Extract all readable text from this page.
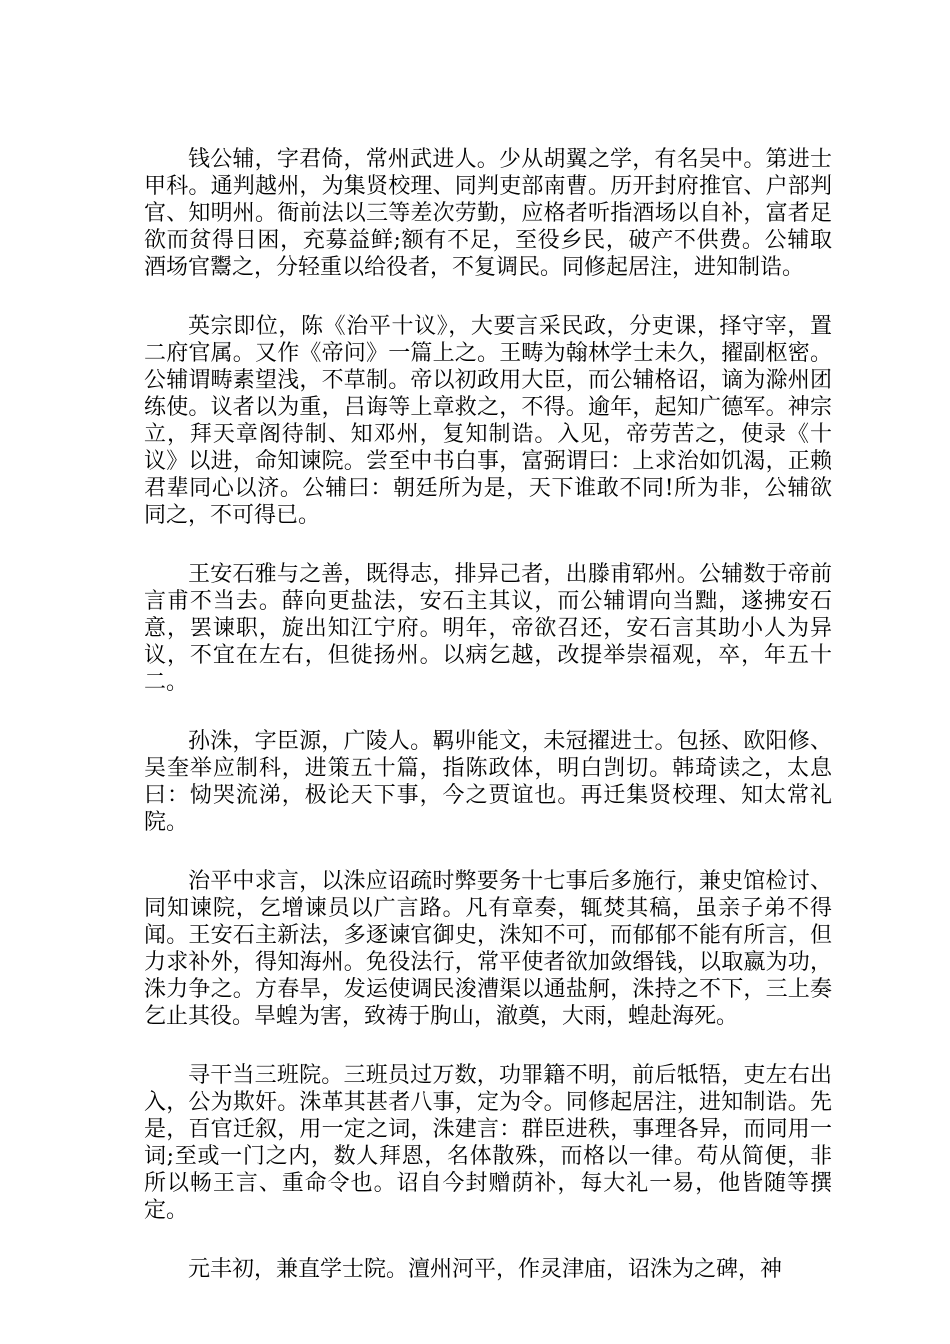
钱公辅，字君倚，常州武进人。少从胡翼之学，有名吴中。第进士甲科。通判越州，为集贤校理、同判吏部南曹。历开封府推官、户部判官、知明州。衙前法以三等差次劳勤，应格者听指酒场以自补，富者足欲而贫得日困，充募益鲜;额有不足，至役乡民，破产不供费。公辅取酒场官鬻之，分轻重以给役者，不复调民。同修起居注，进知制诰。

英宗即位，陈《治平十议》，大要言采民政，分吏课，择守宰，置二府官属。又作《帝问》一篇上之。王畴为翰林学士未久，擢副枢密。公辅谓畴素望浅，不草制。帝以初政用大臣，而公辅格诏，谪为滁州团练使。议者以为重，吕诲等上章救之，不得。逾年，起知广德军。神宗立，拜天章阁待制、知邓州，复知制诰。入见，帝劳苦之，使录《十议》以进，命知谏院。尝至中书白事，富弼谓曰：上求治如饥渴，正赖君辈同心以济。公辅曰：朝廷所为是，天下谁敢不同!所为非，公辅欲同之，不可得已。

王安石雅与之善，既得志，排异己者，出滕甫郓州。公辅数于帝前言甫不当去。薛向更盐法，安石主其议，而公辅谓向当黜，遂拂安石意，罢谏职，旋出知江宁府。明年，帝欲召还，安石言其助小人为异议，不宜在左右，但徙扬州。以病乞越，改提举崇福观，卒，年五十二。

孙洙，字臣源，广陵人。羁丱能文，未冠擢进士。包拯、欧阳修、吴奎举应制科，进策五十篇，指陈政体，明白剀切。韩琦读之，太息曰：恸哭流涕，极论天下事，今之贾谊也。再迁集贤校理、知太常礼院。

治平中求言，以洙应诏疏时弊要务十七事后多施行，兼史馆检讨、同知谏院，乞增谏员以广言路。凡有章奏，辄焚其稿，虽亲子弟不得闻。王安石主新法，多逐谏官御史，洙知不可，而郁郁不能有所言，但力求补外，得知海州。免役法行，常平使者欲加敛缗钱，以取嬴为功，洙力争之。方春旱，发运使调民浚漕渠以通盐舸，洙持之不下，三上奏乞止其役。旱蝗为害，致祷于朐山，澈奠，大雨，蝗赴海死。

寻干当三班院。三班员过万数，功罪籍不明，前后牴牾，吏左右出入，公为欺奸。洙革其甚者八事，定为令。同修起居注，进知制诰。先是，百官迁叙，用一定之词，洙建言：群臣进秩，事理各异，而同用一词;至或一门之内，数人拜恩，名体散殊，而格以一律。苟从简便，非所以畅王言、重命令也。诏自今封赠荫补，每大礼一易，他皆随等撰定。

元丰初，兼直学士院。澶州河平，作灵津庙，诏洙为之碑，神
